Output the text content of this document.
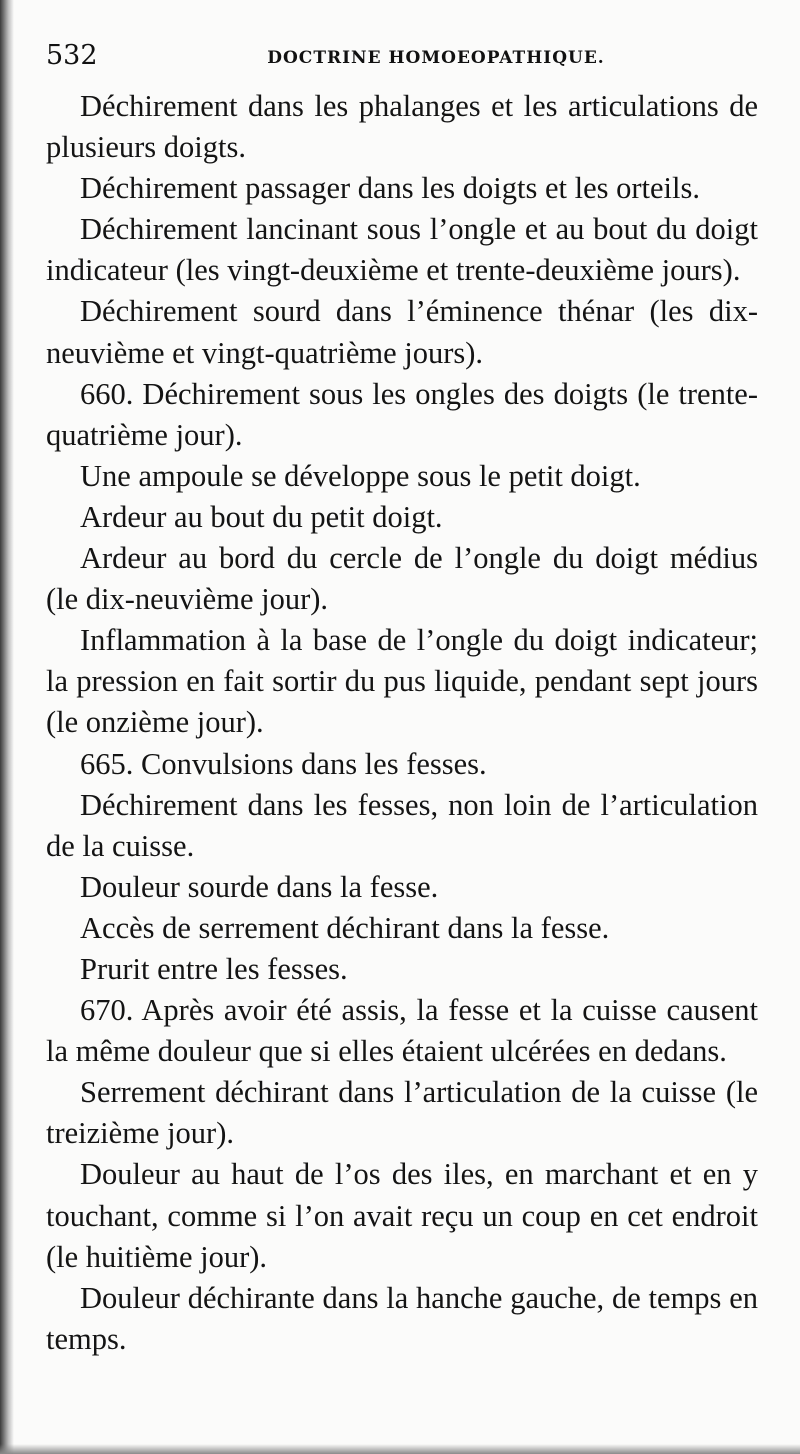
532	DOCTRINE HOMOEOPATHIQUE.

Déchirement dans les phalanges et les articulations de plusieurs doigts.

Déchirement passager dans les doigts et les orteils.

Déchirement lancinant sous l’ongle et au bout du doigt indicateur (les vingt-deuxième et trente-deuxième jours).

Déchirement sourd dans l’éminence thénar (les dix-neuvième et vingt-quatrième jours).

660. Déchirement sous les ongles des doigts (le trente-quatrième jour).

Une ampoule se développe sous le petit doigt.

Ardeur au bout du petit doigt.

Ardeur au bord du cercle de l’ongle du doigt médius (le dix-neuvième jour).

Inflammation à la base de l’ongle du doigt indicateur; la pression en fait sortir du pus liquide, pendant sept jours (le onzième jour).

665. Convulsions dans les fesses.

Déchirement dans les fesses, non loin de l’articulation de la cuisse.

Douleur sourde dans la fesse.

Accès de serrement déchirant dans la fesse.

Prurit entre les fesses.

670. Après avoir été assis, la fesse et la cuisse causent la même douleur que si elles étaient ulcérées en dedans.

Serrement déchirant dans l’articulation de la cuisse (le treizième jour).

Douleur au haut de l’os des iles, en marchant et en y touchant, comme si l’on avait reçu un coup en cet endroit (le huitième jour).

Douleur déchirante dans la hanche gauche, de temps en temps.
